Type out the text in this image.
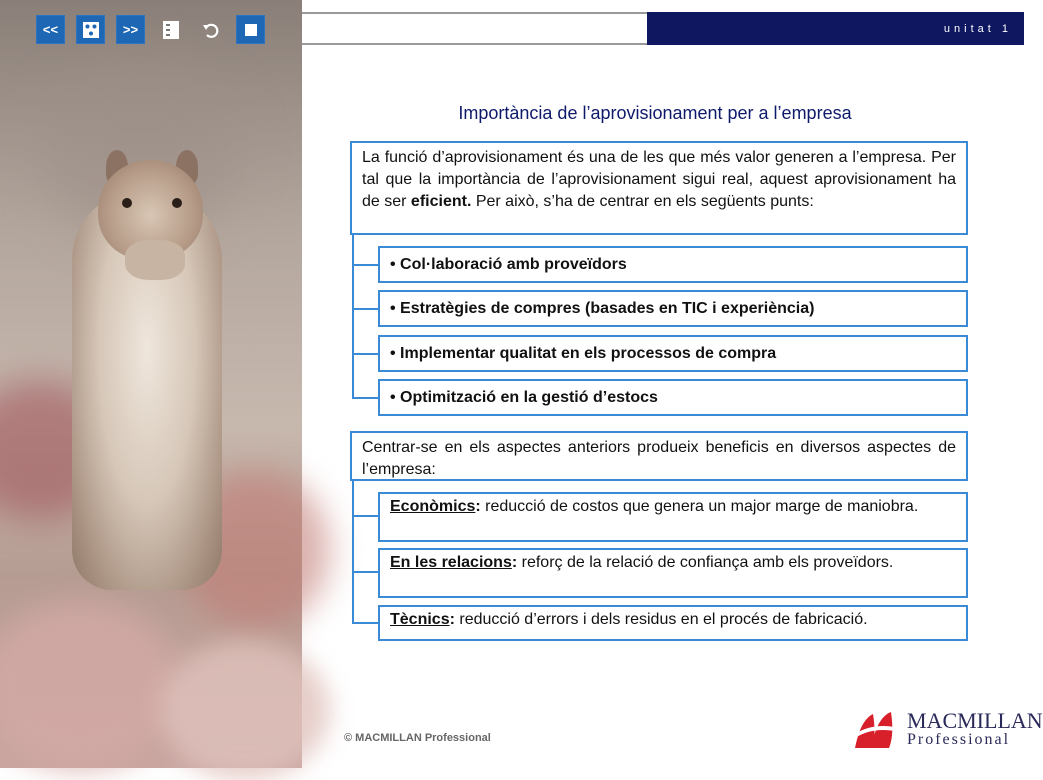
<<	>>	unitat 1
Importància de l’aprovisionament per a l’empresa
La funció d’aprovisionament és una de les que més valor generen a l’empresa. Per tal que la importància de l’aprovisionament sigui real, aquest aprovisionament ha de ser eficient. Per això, s’ha de centrar en els següents punts:
• Col·laboració amb proveïdors
• Estratègies de compres (basades en TIC i experiència)
• Implementar qualitat en els processos de compra
• Optimització en la gestió d’estocs
Centrar-se en els aspectes anteriors produeix beneficis en diversos aspectes de l’empresa:
Econòmics: reducció de costos que genera un major marge de maniobra.
En les relacions: reforç de la relació de confiança amb els proveïdors.
Tècnics: reducció d’errors i dels residus en el procés de fabricació.
© MACMILLAN Professional
MACMILLAN
Professional
